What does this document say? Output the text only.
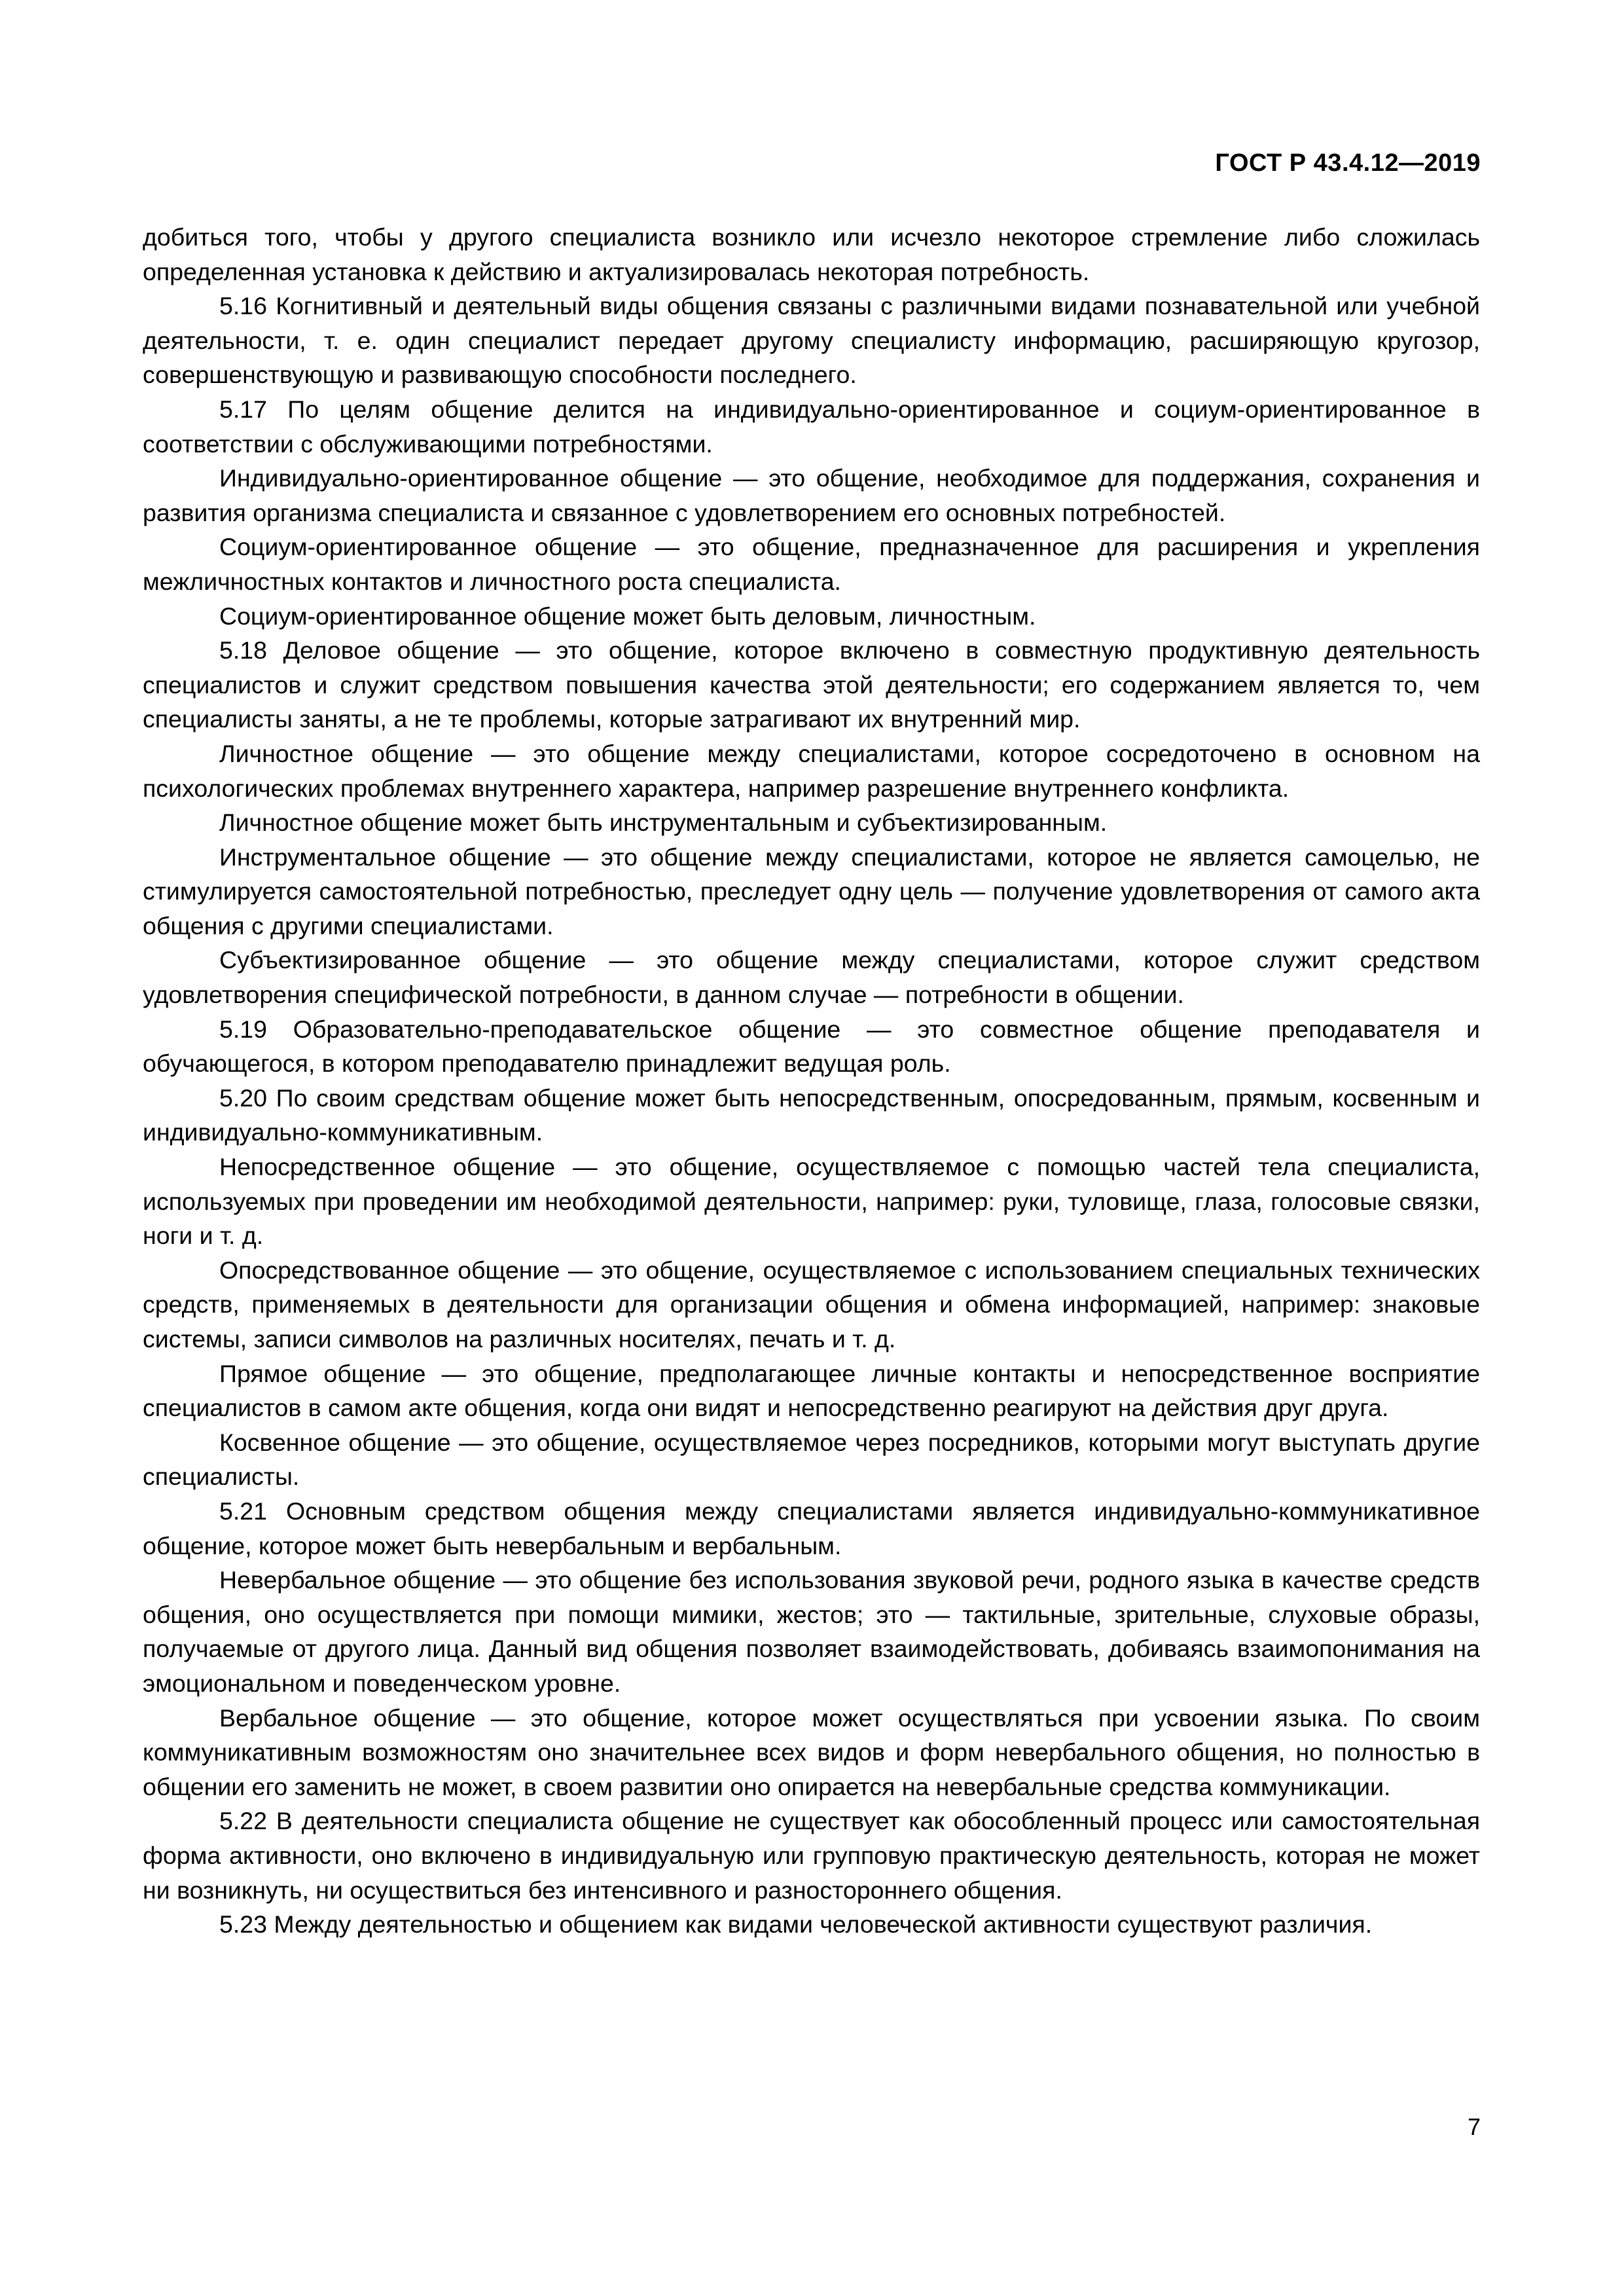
ГОСТ Р 43.4.12—2019

добиться того, чтобы у другого специалиста возникло или исчезло некоторое стремление либо сложилась определенная установка к действию и актуализировалась некоторая потребность.

5.16 Когнитивный и деятельный виды общения связаны с различными видами познавательной или учебной деятельности, т. е. один специалист передает другому специалисту информацию, расширяющую кругозор, совершенствующую и развивающую способности последнего.

5.17 По целям общение делится на индивидуально-ориентированное и социум-ориентированное в соответствии с обслуживающими потребностями.

Индивидуально-ориентированное общение — это общение, необходимое для поддержания, сохранения и развития организма специалиста и связанное с удовлетворением его основных потребностей.

Социум-ориентированное общение — это общение, предназначенное для расширения и укрепления межличностных контактов и личностного роста специалиста.

Социум-ориентированное общение может быть деловым, личностным.

5.18 Деловое общение — это общение, которое включено в совместную продуктивную деятельность специалистов и служит средством повышения качества этой деятельности; его содержанием является то, чем специалисты заняты, а не те проблемы, которые затрагивают их внутренний мир.

Личностное общение — это общение между специалистами, которое сосредоточено в основном на психологических проблемах внутреннего характера, например разрешение внутреннего конфликта.

Личностное общение может быть инструментальным и субъектизированным.

Инструментальное общение — это общение между специалистами, которое не является самоцелью, не стимулируется самостоятельной потребностью, преследует одну цель — получение удовлетворения от самого акта общения с другими специалистами.

Субъектизированное общение — это общение между специалистами, которое служит средством удовлетворения специфической потребности, в данном случае — потребности в общении.

5.19 Образовательно-преподавательское общение — это совместное общение преподавателя и обучающегося, в котором преподавателю принадлежит ведущая роль.

5.20 По своим средствам общение может быть непосредственным, опосредованным, прямым, косвенным и индивидуально-коммуникативным.

Непосредственное общение — это общение, осуществляемое с помощью частей тела специалиста, используемых при проведении им необходимой деятельности, например: руки, туловище, глаза, голосовые связки, ноги и т. д.

Опосредствованное общение — это общение, осуществляемое с использованием специальных технических средств, применяемых в деятельности для организации общения и обмена информацией, например: знаковые системы, записи символов на различных носителях, печать и т. д.

Прямое общение — это общение, предполагающее личные контакты и непосредственное восприятие специалистов в самом акте общения, когда они видят и непосредственно реагируют на действия друг друга.

Косвенное общение — это общение, осуществляемое через посредников, которыми могут выступать другие специалисты.

5.21 Основным средством общения между специалистами является индивидуально-коммуникативное общение, которое может быть невербальным и вербальным.

Невербальное общение — это общение без использования звуковой речи, родного языка в качестве средств общения, оно осуществляется при помощи мимики, жестов; это — тактильные, зрительные, слуховые образы, получаемые от другого лица. Данный вид общения позволяет взаимодействовать, добиваясь взаимопонимания на эмоциональном и поведенческом уровне.

Вербальное общение — это общение, которое может осуществляться при усвоении языка. По своим коммуникативным возможностям оно значительнее всех видов и форм невербального общения, но полностью в общении его заменить не может, в своем развитии оно опирается на невербальные средства коммуникации.

5.22 В деятельности специалиста общение не существует как обособленный процесс или самостоятельная форма активности, оно включено в индивидуальную или групповую практическую деятельность, которая не может ни возникнуть, ни осуществиться без интенсивного и разностороннего общения.

5.23 Между деятельностью и общением как видами человеческой активности существуют различия.

7
